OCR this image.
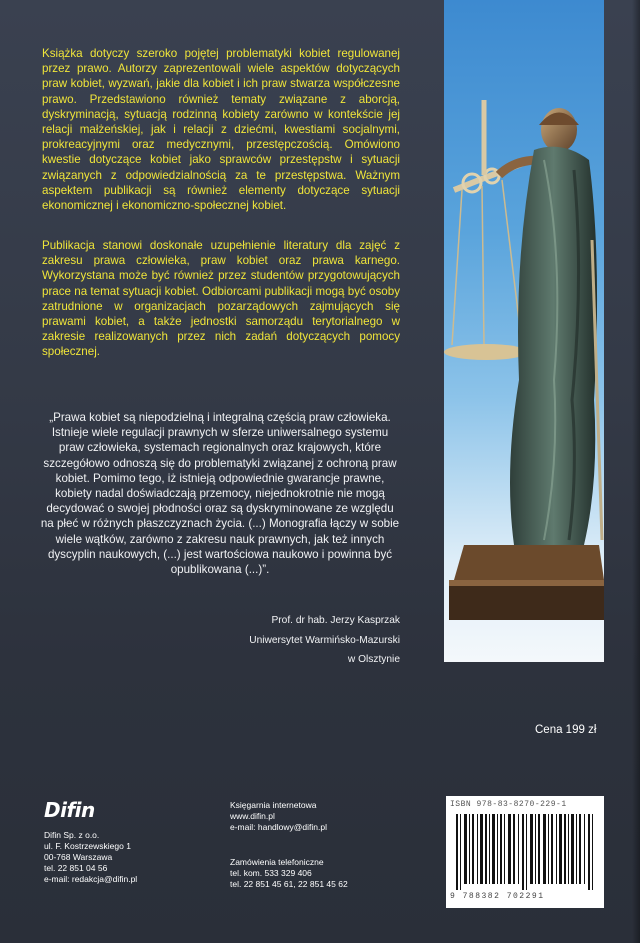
Książka dotyczy szeroko pojętej problematyki kobiet regulowanej przez prawo. Autorzy zaprezentowali wiele aspektów dotyczących praw kobiet, wyzwań, jakie dla kobiet i ich praw stwarza współczesne prawo. Przedstawiono również tematy związane z aborcją, dyskryminacją, sytuacją rodzinną kobiety zarówno w kontekście jej relacji małżeńskiej, jak i relacji z dziećmi, kwestiami socjalnymi, prokreacyjnymi oraz medycznymi, przestępczością. Omówiono kwestie dotyczące kobiet jako sprawców przestępstw i sytuacji związanych z odpowiedzialnością za te przestępstwa. Ważnym aspektem publikacji są również elementy dotyczące sytuacji ekonomicznej i ekonomiczno-społecznej kobiet.

Publikacja stanowi doskonałe uzupełnienie literatury dla zajęć z zakresu prawa człowieka, praw kobiet oraz prawa karnego. Wykorzystana może być również przez studentów przygotowujących prace na temat sytuacji kobiet. Odbiorcami publikacji mogą być osoby zatrudnione w organizacjach pozarządowych zajmujących się prawami kobiet, a także jednostki samorządu terytorialnego w zakresie realizowanych przez nich zadań dotyczących pomocy społecznej.

„Prawa kobiet są niepodzielną i integralną częścią praw człowieka. Istnieje wiele regulacji prawnych w sferze uniwersalnego systemu praw człowieka, systemach regionalnych oraz krajowych, które szczegółowo odnoszą się do problematyki związanej z ochroną praw kobiet. Pomimo tego, iż istnieją odpowiednie gwarancje prawne, kobiety nadal doświadczają przemocy, niejednokrotnie nie mogą decydować o swojej płodności oraz są dyskryminowane ze względu na płeć w różnych płaszczyznach życia. (...) Monografia łączy w sobie wiele wątków, zarówno z zakresu nauk prawnych, jak też innych dyscyplin naukowych, (...) jest wartościowa naukowo i powinna być opublikowana (...)”.

Prof. dr hab. Jerzy Kasprzak
Uniwersytet Warmińsko-Mazurski
w Olsztynie
Cena 199 zł
Difin
Difin Sp. z o.o.
ul. F. Kostrzewskiego 1
00-768 Warszawa
tel. 22 851 04 56
e-mail: redakcja@difin.pl
Księgarnia internetowa
www.difin.pl
e-mail: handlowy@difin.pl
Zamówienia telefoniczne
tel. kom. 533 329 406
tel. 22 851 45 61, 22 851 45 62
ISBN 978-83-8270-229-1
9 788382 702291
